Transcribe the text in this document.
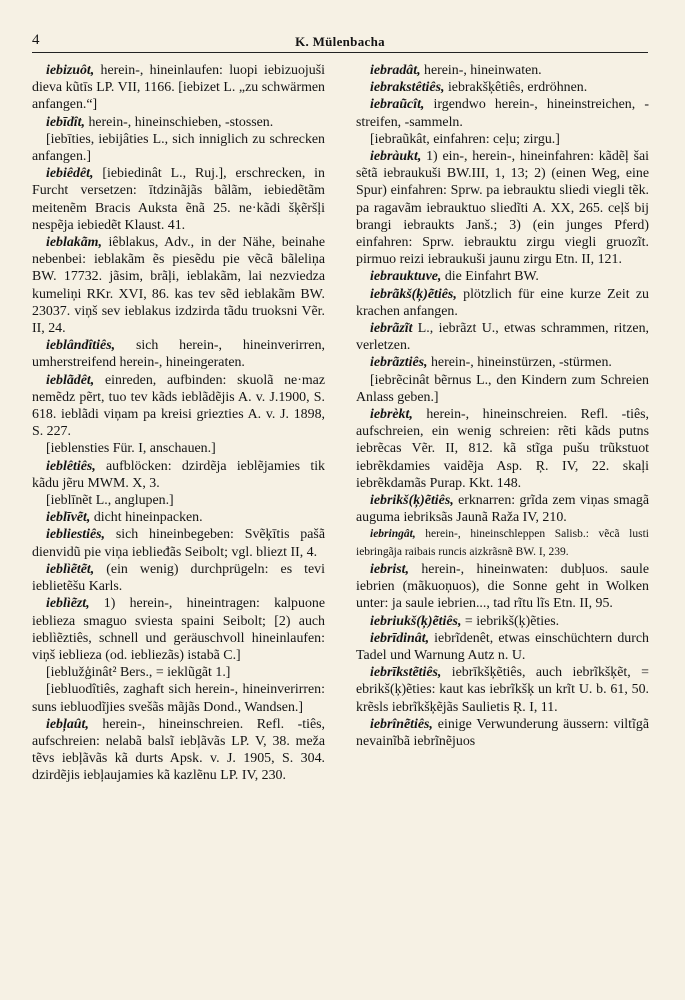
4	K. Mülenbacha

iebizuôt, herein-, hineinlaufen: luopi iebizuojuši dieva kũtīs LP. VII, 1166. [iebizet L. „zu schwärmen anfangen.“]

iebīdît, herein-, hineinschieben, -stossen.

[iebīties, iebijâties L., sich inniglich zu schrecken anfangen.]

iebiêdêt, [iebiedinât L., Ruj.], erschrecken, in Furcht versetzen: ītdzinãjãs bãlãm, iebiedẽtãm meitenẽm Bracis Auksta ẽnã 25. ne·kãdi šķẽršļi nespẽja iebiedẽt Klaust. 41.

ieblakãm, iêblakus, Adv., in der Nähe, beinahe nebenbei: ieblakãm ẽs piesẽdu pie vẽcã bãleliņa BW. 17732. jãsim, brãļi, ieblakãm, lai nezviedza kumeliņi RKr. XVI, 86. kas tev sẽd ieblakãm BW. 23037. viņš sev ieblakus izdzirda tãdu truoksni Vẽr. II, 24.

ieblândîtiês, sich herein-, hineinverirren, umherstreifend herein-, hineingeraten.

ieblãdêt, einreden, aufbinden: skuolã ne·maz nemẽdz pẽrt, tuo tev kãds ieblãdẽjis A. v. J.1900, S. 618. ieblãdi viņam pa kreisi griezties A. v. J. 1898, S. 227.

[ieblensties Für. I, anschauen.]

ieblêtiês, aufblöcken: dzirdẽja ieblẽjamies tik kãdu jẽru MWM. X, 3.

[ieblīnẽt L., anglupen.]

ieblīvẽt, dicht hineinpacken.

iebliestiês, sich hineinbegeben: Svẽķītis pašã dienvidũ pie viņa ieblieđãs Seibolt; vgl. bliezt II, 4.

ieblìẽtẽt, (ein wenig) durchprügeln: es tevi ieblietẽšu Karls.

ieblìẽzt, 1) herein-, hineintragen: kalpuone ieblieza smaguo sviesta spaini Seibolt; [2) auch ieblìẽztiês, schnell und geräuschvoll hineinlaufen: viņš ieblieza (od. iebliezãs) istabã C.]

[ieblužģinât² Bers., = ieklũgãt 1.]

[iebluodîtiês, zaghaft sich herein-, hineinverirren: suns iebluodĩjies svešãs mãjãs Dond., Wandsen.]

iebļaût, herein-, hineinschreien. Refl. -tiês, aufschreien: nelabã balsĩ iebļãvãs LP. V, 38. meža tẽvs iebļãvãs kã durts Apsk. v. J. 1905, S. 304. dzirdẽjis iebļaujamies kã kazlẽnu LP. IV, 230.

iebradât, herein-, hineinwaten.

iebrakstêtiês, iebrakšķêtiês, erdröhnen.

iebraũcît, irgendwo herein-, hineinstreichen, -streifen, -sammeln.

[iebraũkât, einfahren: ceļu; zirgu.]

iebràukt, 1) ein-, herein-, hineinfahren: kãdẽļ šai sẽtã iebraukuši BW.III, 1, 13; 2) (einen Weg, eine Spur) einfahren: Sprw. pa iebrauktu sliedi viegli tẽk. pa ragavãm iebrauktuo sliedĩti A. XX, 265. ceļš bij brangi iebraukts Janš.; 3) (ein junges Pferd) einfahren: Sprw. iebrauktu zirgu viegli gruozĩt. pirmuo reizi iebraukuši jaunu zirgu Etn. II, 121.

iebrauktuve, die Einfahrt BW.

iebrãkš(ķ)ẽtiês, plötzlich für eine kurze Zeit zu krachen anfangen.

iebrãzĩt L., iebrãzt U., etwas schrammen, ritzen, verletzen.

iebrãztiês, herein-, hineinstürzen, -stürmen.

[iebrẽcinât bẽrnus L., den Kindern zum Schreien Anlass geben.]

iebrèkt, herein-, hineinschreien. Refl. -tiês, aufschreien, ein wenig schreien: rẽti kãds putns iebrẽcas Vẽr. II, 812. kã stĩga pušu trũkstuot iebrẽkdamies vaidẽja Asp. Ŗ. IV, 22. skaļi iebrẽkdamãs Purap. Kkt. 148.

iebrikš(ķ)ẽtiês, erknarren: grĩda zem viņas smagã auguma iebriksãs Jaunã Raža IV, 210.

iebringât, herein-, hineinschleppen Salisb.: vẽcã lusti iebringãja raibais runcis aizkrãsnẽ BW. I, 239.

iebrist, herein-, hineinwaten: dubļuos. saule iebrien (mãkuoņuos), die Sonne geht in Wolken unter: ja saule iebrien..., tad rĩtu lĩs Etn. II, 95.

iebriukš(ķ)ẽtiês, = iebrikš(ķ)ẽties.

iebrīdinât, iebrĩdenêt, etwas einschüchtern durch Tadel und Warnung Autz n. U.

iebrīkstẽtiês, iebrīkšķẽtiês, auch iebrĩkšķẽt, = ebrikš(ķ)ẽties: kaut kas iebrĩkšķ un krĩt U. b. 61, 50. krẽsls iebrĩkšķẽjãs Saulietis Ŗ. I, 11.

iebrînẽtiês, einige Verwunderung äussern: viltĩgã nevainĩbã iebrĩnẽjuos
